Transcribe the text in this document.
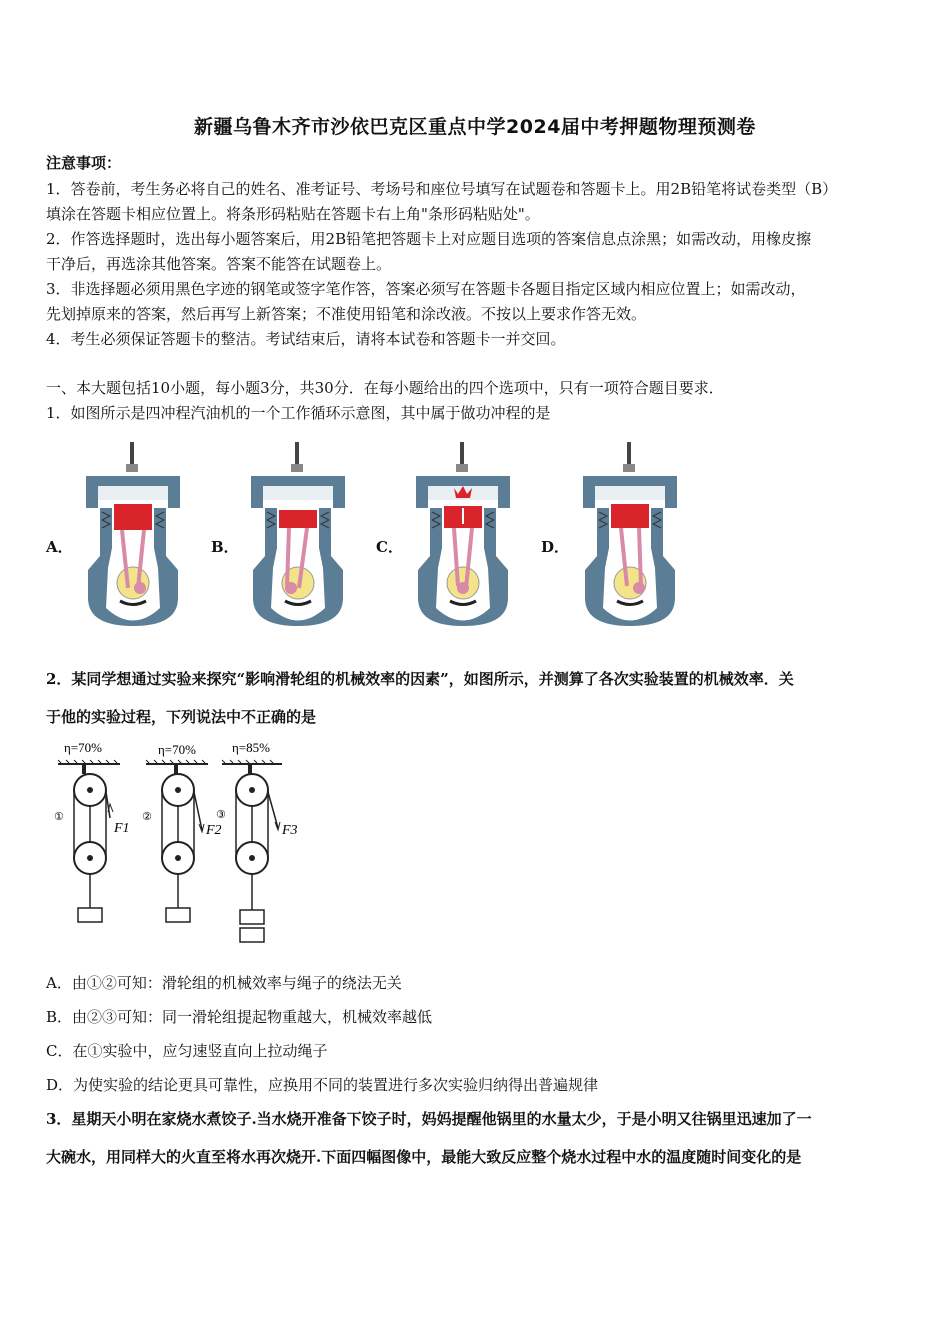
新疆乌鲁木齐市沙依巴克区重点中学2024届中考押题物理预测卷
注意事项：
1．答卷前，考生务必将自己的姓名、准考证号、考场号和座位号填写在试题卷和答题卡上。用2B铅笔将试卷类型（B）
填涂在答题卡相应位置上。将条形码粘贴在答题卡右上角"条形码粘贴处"。
2．作答选择题时，选出每小题答案后，用2B铅笔把答题卡上对应题目选项的答案信息点涂黑；如需改动，用橡皮擦
干净后，再选涂其他答案。答案不能答在试题卷上。
3．非选择题必须用黑色字迹的钢笔或签字笔作答，答案必须写在答题卡各题目指定区域内相应位置上；如需改动，
先划掉原来的答案，然后再写上新答案；不准使用铅笔和涂改液。不按以上要求作答无效。
4．考生必须保证答题卡的整洁。考试结束后，请将本试卷和答题卡一并交回。
一、本大题包括10小题，每小题3分，共30分．在每小题给出的四个选项中，只有一项符合题目要求．
1．如图所示是四冲程汽油机的一个工作循环示意图，其中属于做功冲程的是
A．	B．	C．	D．
2．某同学想通过实验来探究“影响滑轮组的机械效率的因素”，如图所示，并测算了各次实验装置的机械效率．关
于他的实验过程，下列说法中不正确的是
η=70%	η=70%	η=85%
①
F1
②
F2
③
F3
A．由①②可知：滑轮组的机械效率与绳子的绕法无关
B．由②③可知：同一滑轮组提起物重越大，机械效率越低
C．在①实验中，应匀速竖直向上拉动绳子
D．为使实验的结论更具可靠性，应换用不同的装置进行多次实验归纳得出普遍规律
3．星期天小明在家烧水煮饺子.当水烧开准备下饺子时，妈妈提醒他锅里的水量太少，于是小明又往锅里迅速加了一
大碗水，用同样大的火直至将水再次烧开.下面四幅图像中，最能大致反应整个烧水过程中水的温度随时间变化的是
